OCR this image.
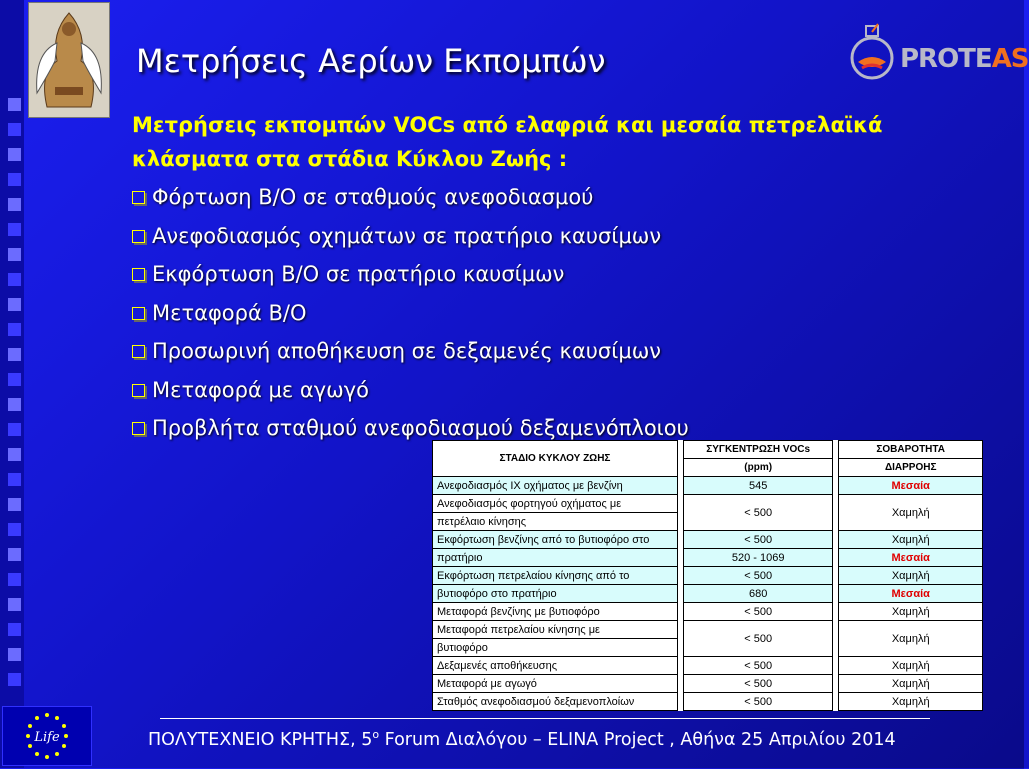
Μετρήσεις Αερίων Εκπομπών	PROTEAS
Μετρήσεις εκπομπών VOCs από ελαφριά και μεσαία πετρελαϊκά κλάσματα στα στάδια Κύκλου Ζωής :
Φόρτωση Β/Ο σε σταθμούς ανεφοδιασμού
Ανεφοδιασμός οχημάτων σε πρατήριο καυσίμων
Εκφόρτωση Β/Ο σε πρατήριο καυσίμων
Μεταφορά Β/Ο
Προσωρινή αποθήκευση σε δεξαμενές καυσίμων
Μεταφορά με αγωγό
Προβλήτα σταθμού ανεφοδιασμού δεξαμενόπλοιου
ΣΤΑΔΙΟ ΚΥΚΛΟΥ ΖΩΗΣ		ΣΥΓΚΕΝΤΡΩΣΗ VOCs		ΣΟΒΑΡΟΤΗΤΑ
		(ppm)		ΔΙΑΡΡΟΗΣ
Ανεφοδιασμός ΙΧ οχήματος με βενζίνη		545		Μεσαία
Ανεφοδιασμός φορτηγού οχήματος με		< 500		Χαμηλή
πετρέλαιο κίνησης				
Εκφόρτωση βενζίνης από το βυτιοφόρο στο		< 500		Χαμηλή
πρατήριο		520 - 1069		Μεσαία
Εκφόρτωση πετρελαίου κίνησης από το		< 500		Χαμηλή
βυτιοφόρο στο πρατήριο		680		Μεσαία
Μεταφορά βενζίνης με βυτιοφόρο		< 500		Χαμηλή
Μεταφορά πετρελαίου κίνησης με		< 500		Χαμηλή
βυτιοφόρο				
Δεξαμενές αποθήκευσης		< 500		Χαμηλή
Μεταφορά με αγωγό		< 500		Χαμηλή
Σταθμός ανεφοδιασμού δεξαμενοπλοίων		< 500		Χαμηλή
Life	ΠΟΛΥΤΕΧΝΕΙΟ ΚΡΗΤΗΣ, $5^o$ Forum Διαλόγου – ELINA Project , Αθήνα 25 Απριλίου 2014
